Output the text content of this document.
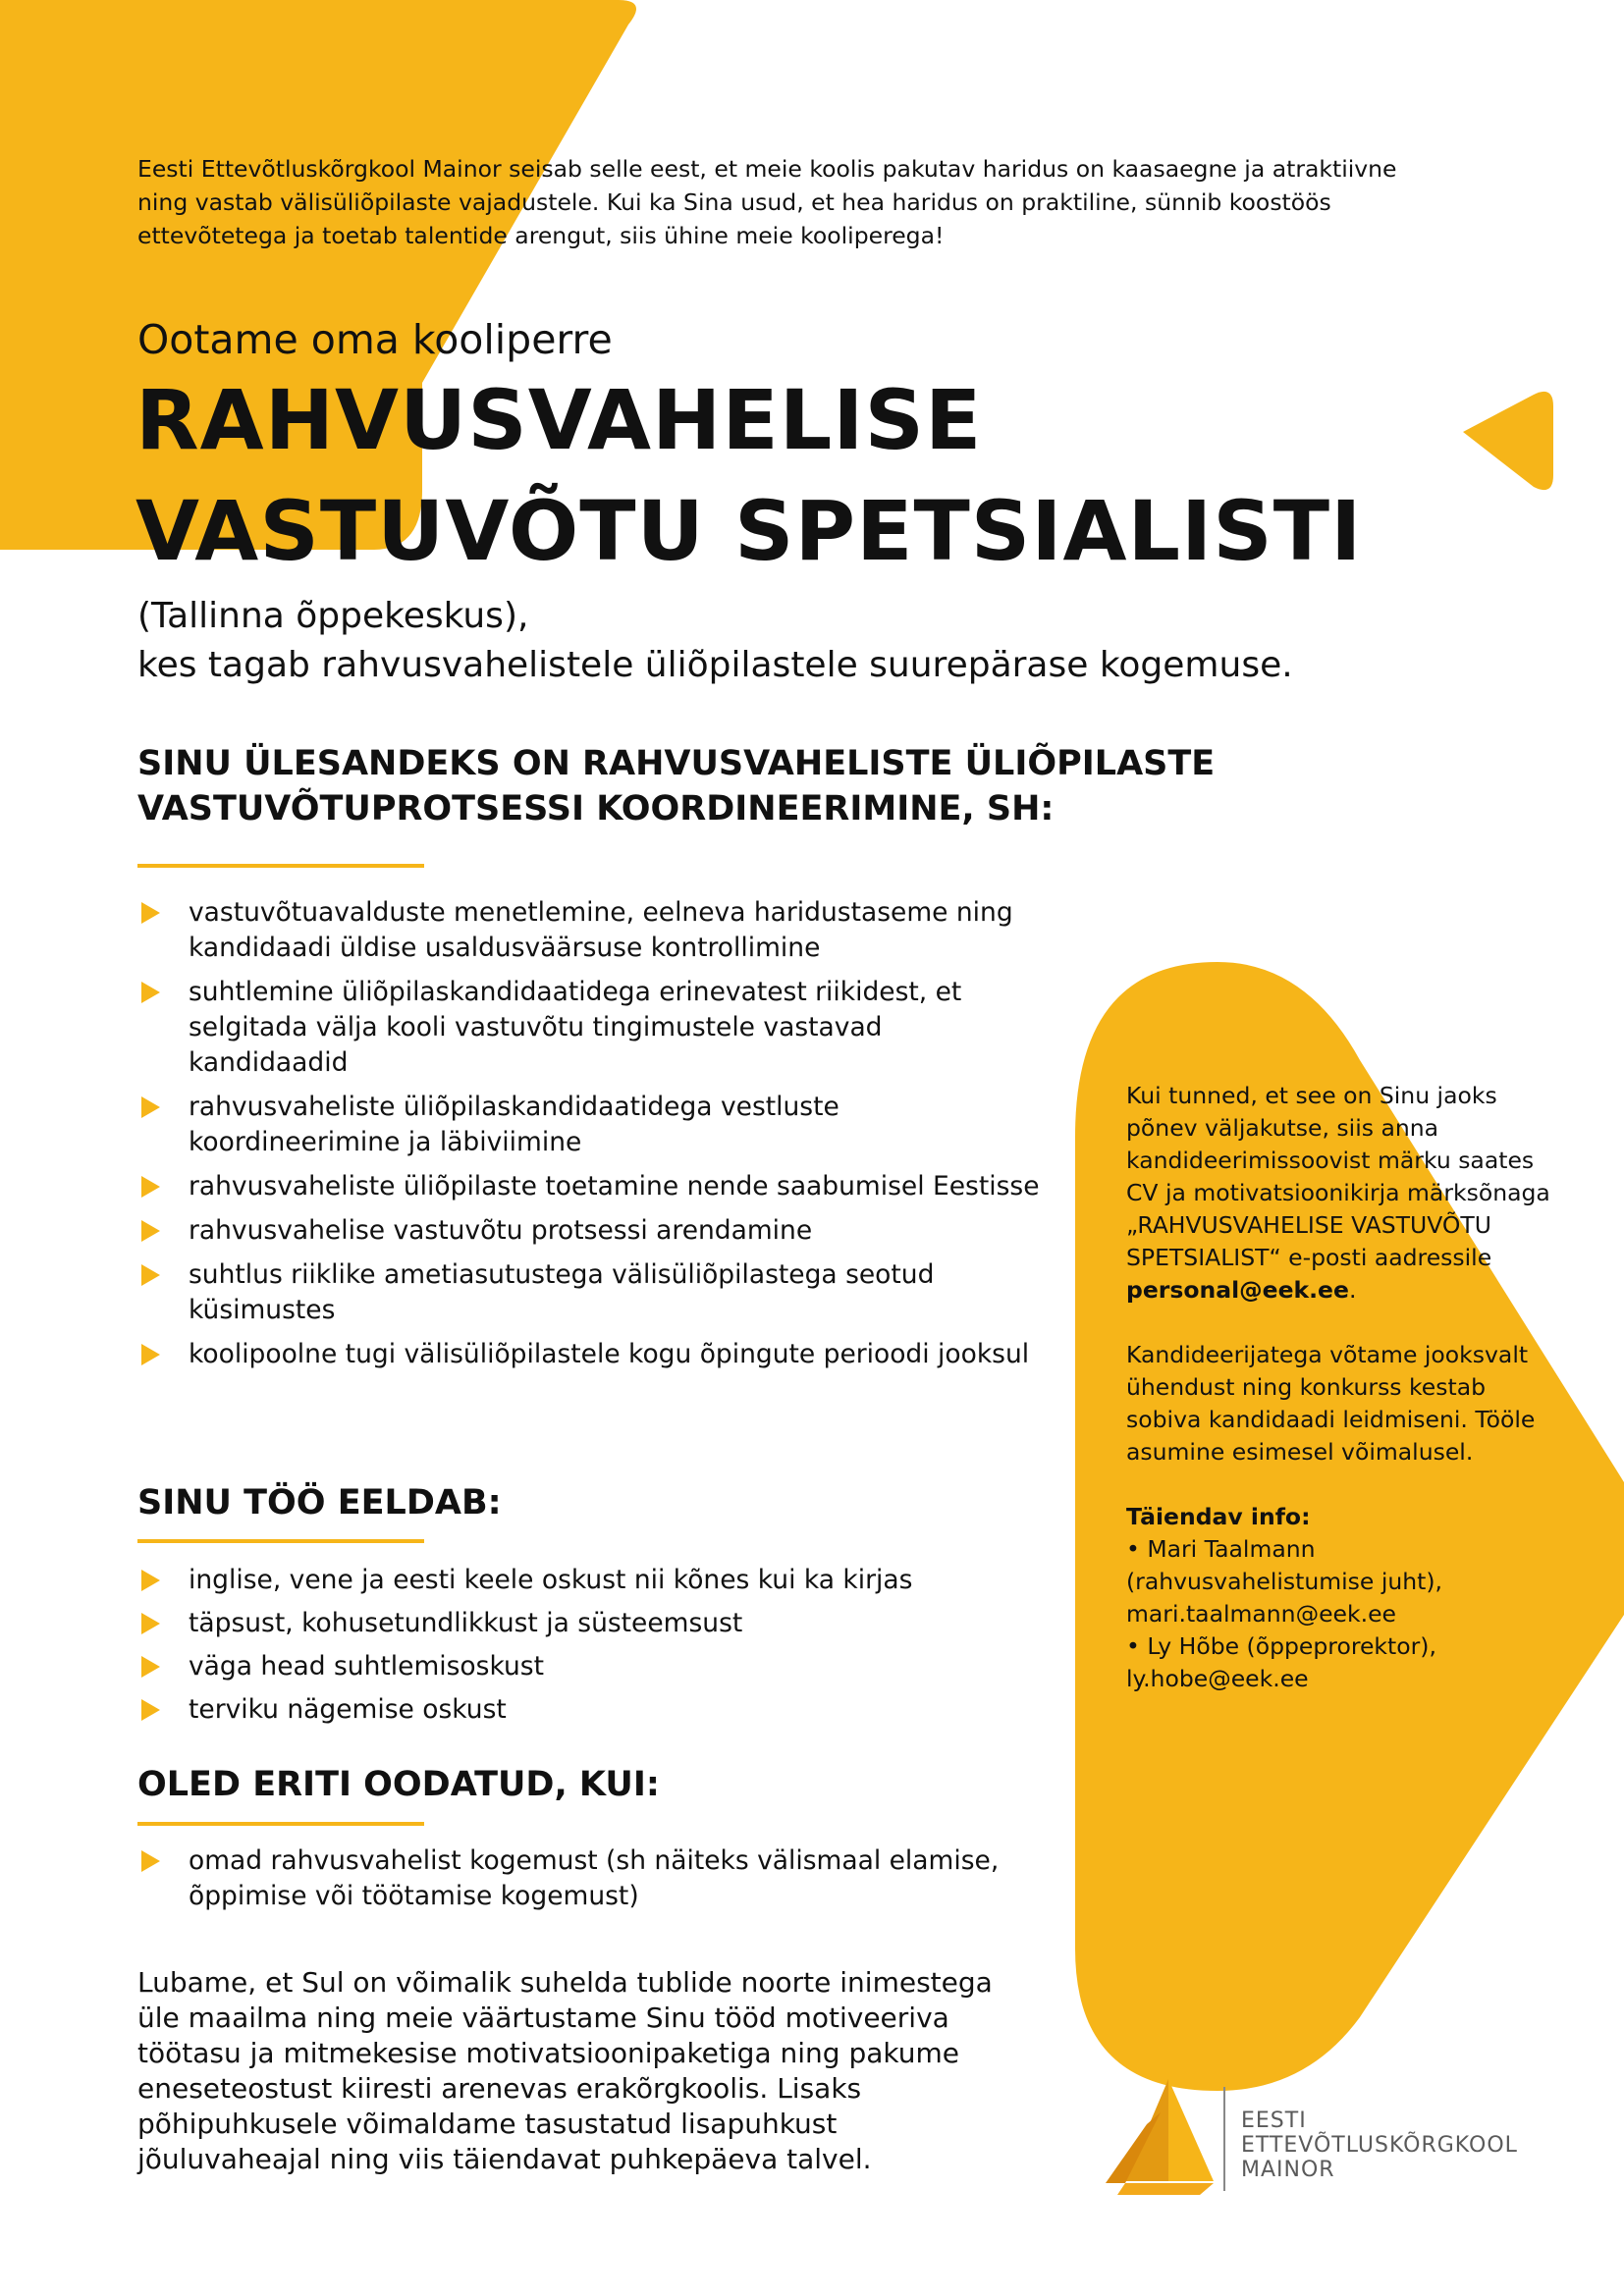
Eesti Ettevõtluskõrgkool Mainor seisab selle eest, et meie koolis pakutav haridus on kaasaegne ja atraktiivne ning vastab välisüliõpilaste vajadustele. Kui ka Sina usud, et hea haridus on praktiline, sünnib koostöös ettevõtetega ja toetab talentide arengut, siis ühine meie kooliperega!
Ootame oma kooliperre
RAHVUSVAHELISE
VASTUVÕTU SPETSIALISTI
(Tallinna õppekeskus),
kes tagab rahvusvahelistele üliõpilastele suurepärase kogemuse.
SINU ÜLESANDEKS ON RAHVUSVAHELISTE ÜLIÕPILASTE
VASTUVÕTUPROTSESSI KOORDINEERIMINE, SH:
vastuvõtuavalduste menetlemine, eelneva haridustaseme ning kandidaadi üldise usaldusväärsuse kontrollimine
suhtlemine üliõpilaskandidaatidega erinevatest riikidest, et selgitada välja kooli vastuvõtu tingimustele vastavad kandidaadid
rahvusvaheliste üliõpilaskandidaatidega vestluste koordineerimine ja läbiviimine
rahvusvaheliste üliõpilaste toetamine nende saabumisel Eestisse
rahvusvahelise vastuvõtu protsessi arendamine
suhtlus riiklike ametiasutustega välisüliõpilastega seotud küsimustes
koolipoolne tugi välisüliõpilastele kogu õpingute perioodi jooksul
SINU TÖÖ EELDAB:
inglise, vene ja eesti keele oskust nii kõnes kui ka kirjas
täpsust, kohusetundlikkust ja süsteemsust
väga head suhtlemisoskust
terviku nägemise oskust
OLED ERITI OODATUD, KUI:
omad rahvusvahelist kogemust (sh näiteks välismaal elamise, õppimise või töötamise kogemust)
Lubame, et Sul on võimalik suhelda tublide noorte inimestega üle maailma ning meie väärtustame Sinu tööd motiveeriva töötasu ja mitmekesise motivatsioonipaketiga ning pakume eneseteostust kiiresti arenevas erakõrgkoolis. Lisaks põhipuhkusele võimaldame tasustatud lisapuhkust jõuluvaheajal ning viis täiendavat puhkepäeva talvel.

Kui tunned, et see on Sinu jaoks põnev väljakutse, siis anna kandideerimissoovist märku saates CV ja motivatsioonikirja märksõnaga „RAHVUSVAHELISE VASTUVÕTU SPETSIALIST“ e-posti aadressile personal@eek.ee.

Kandideerijatega võtame jooksvalt ühendust ning konkurss kestab sobiva kandidaadi leidmiseni. Tööle asumine esimesel võimalusel.

Täiendav info:
• Mari Taalmann
(rahvusvahelistumise juht),
mari.taalmann@eek.ee
• Ly Hõbe (õppeprorektor),
ly.hobe@eek.ee
EESTI
ETTEVÕTLUSKÕRGKOOL
MAINOR
